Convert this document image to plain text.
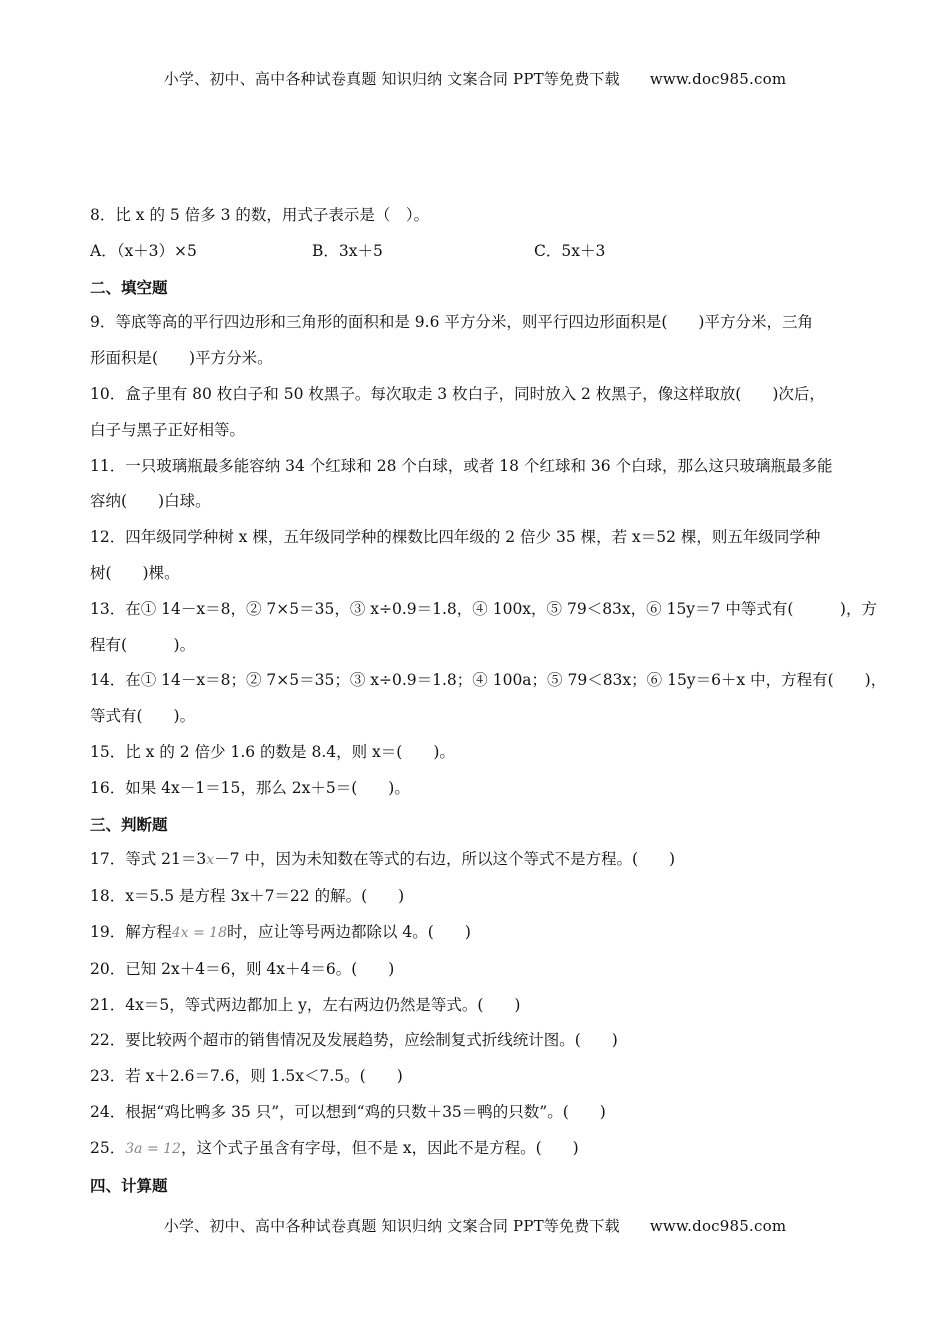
小学、初中、高中各种试卷真题 知识归纳 文案合同 PPT等免费下载 www.doc985.com
8．比 x 的 5 倍多 3 的数，用式子表示是（　）。
A．（x＋3）×5	B．3x＋5	C．5x＋3
二、填空题
9．等底等高的平行四边形和三角形的面积和是 9.6 平方分米，则平行四边形面积是(　　)平方分米，三角
形面积是(　　)平方分米。
10．盒子里有 80 枚白子和 50 枚黑子。每次取走 3 枚白子，同时放入 2 枚黑子，像这样取放(　　)次后，
白子与黑子正好相等。
11．一只玻璃瓶最多能容纳 34 个红球和 28 个白球，或者 18 个红球和 36 个白球，那么这只玻璃瓶最多能
容纳(　　)白球。
12．四年级同学种树 x 棵，五年级同学种的棵数比四年级的 2 倍少 35 棵，若 x＝52 棵，则五年级同学种
树(　　)棵。
13．在① 14－x＝8，② 7×5＝35，③ x÷0.9＝1.8，④ 100x，⑤ 79＜83x，⑥ 15y＝7 中等式有(　　　)，方
程有(　　　)。
14．在① 14－x＝8；② 7×5＝35；③ x÷0.9＝1.8；④ 100a；⑤ 79＜83x；⑥ 15y＝6＋x 中，方程有(　　)，
等式有(　　)。
15．比 x 的 2 倍少 1.6 的数是 8.4，则 x＝(　　)。
16．如果 4x－1＝15，那么 2x＋5＝(　　)。
三、判断题
17．等式 21＝3x－7 中，因为未知数在等式的右边，所以这个等式不是方程。(　　)
18．x＝5.5 是方程 3x＋7＝22 的解。(　　)
19．解方程4x = 18时，应让等号两边都除以 4。(　　)
20．已知 2x＋4＝6，则 4x＋4＝6。(　　)
21．4x＝5，等式两边都加上 y，左右两边仍然是等式。(　　)
22．要比较两个超市的销售情况及发展趋势，应绘制复式折线统计图。(　　)
23．若 x＋2.6＝7.6，则 1.5x＜7.5。(　　)
24．根据“鸡比鸭多 35 只”，可以想到“鸡的只数＋35＝鸭的只数”。(　　)
25．3a = 12，这个式子虽含有字母，但不是 x，因此不是方程。(　　)
四、计算题
小学、初中、高中各种试卷真题 知识归纳 文案合同 PPT等免费下载 www.doc985.com
